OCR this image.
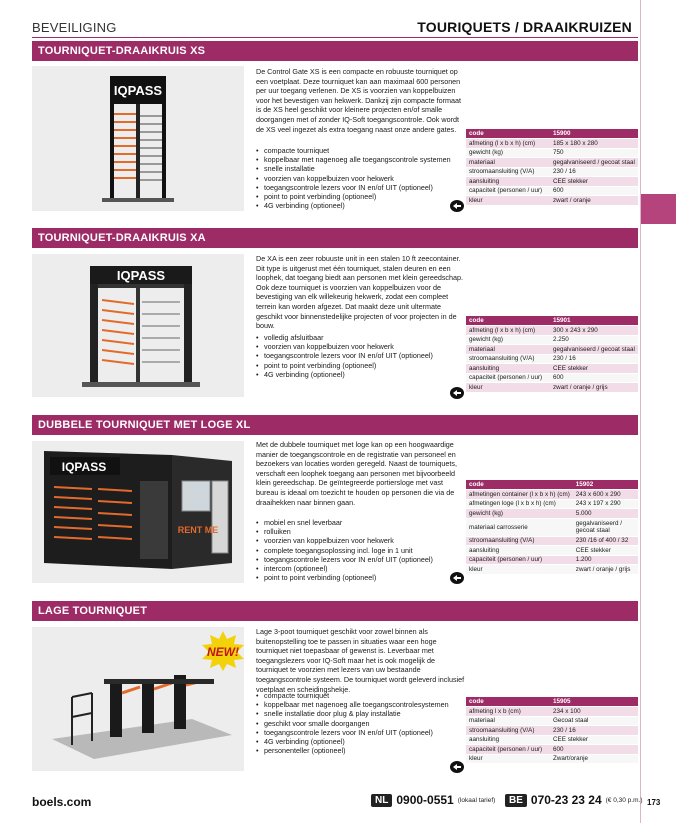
BEVEILIGING	TOURIQUETS / DRAAIKRUIZEN
TOURNIQUET-DRAAIKRUIS XS
IQPASS
De Control Gate XS is een compacte en robuuste tourniquet op een voetplaat. Deze tourniquet kan aan maximaal 600 personen per uur toegang verlenen. De XS is voorzien van koppelbuizen voor het bevestigen van hekwerk. Dankzij zijn compacte formaat is de XS heel geschikt voor kleinere projecten en/of smalle doorgangen met of zonder IQ-Soft toegangscontrole. Ook wordt de XS veel ingezet als extra toegang naast onze andere gates.
• compacte tourniquet
• koppelbaar met nagenoeg alle toegangscontrole systemen
• snelle installatie
• voorzien van koppelbuizen voor hekwerk
• toegangscontrole lezers voor IN en/of UIT (optioneel)
• point to point verbinding (optioneel)
• 4G verbinding (optioneel)
code	15900
afmeting (l x b x h) (cm)	185 x 180 x 280
gewicht (kg)	750
materiaal	gegalvaniseerd / gecoat staal
stroomaansluiting (V/A)	230 / 16
aansluiting	CEE stekker
capaciteit (personen / uur)	600
kleur	zwart / oranje
TOURNIQUET-DRAAIKRUIS XA
IQPASS
De XA is een zeer robuuste unit in een stalen 10 ft zeecontainer. Dit type is uitgerust met één tourniquet, stalen deuren en een loophek, dat toegang biedt aan personen met klein gereedschap. Ook deze tourniquet is voorzien van koppelbuizen voor de bevestiging van elk willekeurig hekwerk, zodat een compleet terrein kan worden afgezet. Dat maakt deze unit ultermate geschikt voor binnenstedelijke projecten of voor projecten in de bouw.
• volledig afsluitbaar
• voorzien van koppelbuizen voor hekwerk
• toegangscontrole lezers voor IN en/of UIT (optioneel)
• point to point verbinding (optioneel)
• 4G verbinding (optioneel)
code	15901
afmeting (l x b x h) (cm)	300 x 243 x 290
gewicht (kg)	2.250
materiaal	gegalvaniseerd / gecoat staal
stroomaansluiting (V/A)	230 / 16
aansluiting	CEE stekker
capaciteit (personen / uur)	600
kleur	zwart / oranje / grijs
DUBBELE TOURNIQUET MET LOGE XL
IQPASS
RENT ME
Met de dubbele tourniquet met loge kan op een hoogwaardige manier de toegangscontrole en de registratie van personeel en bezoekers van locaties worden geregeld. Naast de tourniquets, verschaft een loophek toegang aan personen met bijvoorbeeld klein gereedschap. De geïntegreerde portiersloge met vast bureau is ideaal om toezicht te houden op personen die via de draaihekken naar binnen gaan.
• mobiel en snel leverbaar
• rolluiken
• voorzien van koppelbuizen voor hekwerk
• complete toegangsoplossing incl. loge in 1 unit
• toegangscontrole lezers voor IN en/of UIT (optioneel)
• intercom (optioneel)
• point to point verbinding (optioneel)
code	15902
afmetingen container (l x b x h) (cm)	243 x 600 x 290
afmetingen loge (l x b x h) (cm)	243 x 197 x 290
gewicht (kg)	5.000
materiaal carrosserie	gegalvaniseerd / gecoat staal
stroomaansluiting (V/A)	230 /16 of 400 / 32
aansluiting	CEE stekker
capaciteit (personen / uur)	1.200
kleur	zwart / oranje / grijs
LAGE TOURNIQUET
NEW!
Lage 3-poot tourniquet geschikt voor zowel binnen als buitenopstelling toe te passen in situaties waar een hoge tourniquet niet toepasbaar of gewenst is. Leverbaar met toegangslezers voor IQ-Soft maar het is ook mogelijk de tourniquet te voorzien met lezers van uw bestaande toegangscontrole systeem. De tourniquet wordt geleverd inclusief voetplaat en scheidingshekje.
• compacte tourniquet
• koppelbaar met nagenoeg alle toegangscontrolesystemen
• snelle installatie door plug & play installatie
• geschikt voor smalle doorgangen
• toegangscontrole lezers voor IN en/of UIT (optioneel)
• 4G verbinding (optioneel)
• personenteller (optioneel)
code	15905
afmeting l x b (cm)	234 x 100
materiaal	Gecoat staal
stroomaansluiting (V/A)	230 / 16
aansluiting	CEE stekker
capaciteit (personen / uur)	600
kleur	Zwart/oranje
boels.com	NL 0900-0551 (lokaal tarief)	BE 070-23 23 24 (€ 0,30 p.m.) 173
